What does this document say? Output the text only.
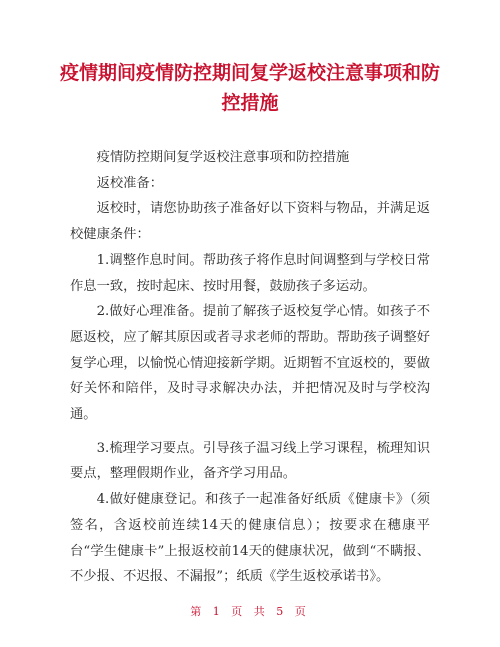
疫情期间疫情防控期间复学返校注意事项和防控措施

疫情防控期间复学返校注意事项和防控措施

返校准备：

返校时，请您协助孩子准备好以下资料与物品，并满足返校健康条件：

1.调整作息时间。帮助孩子将作息时间调整到与学校日常作息一致，按时起床、按时用餐，鼓励孩子多运动。

2.做好心理准备。提前了解孩子返校复学心情。如孩子不愿返校，应了解其原因或者寻求老师的帮助。帮助孩子调整好复学心理，以愉悦心情迎接新学期。近期暂不宜返校的，要做好关怀和陪伴，及时寻求解决办法，并把情况及时与学校沟通。

3.梳理学习要点。引导孩子温习线上学习课程，梳理知识要点，整理假期作业，备齐学习用品。

4.做好健康登记。和孩子一起准备好纸质《健康卡》（须签名，含返校前连续14天的健康信息）；按要求在穗康平台“学生健康卡”上报返校前14天的健康状况，做到“不瞒报、不少报、不迟报、不漏报”；纸质《学生返校承诺书》。

第 1 页 共 5 页
